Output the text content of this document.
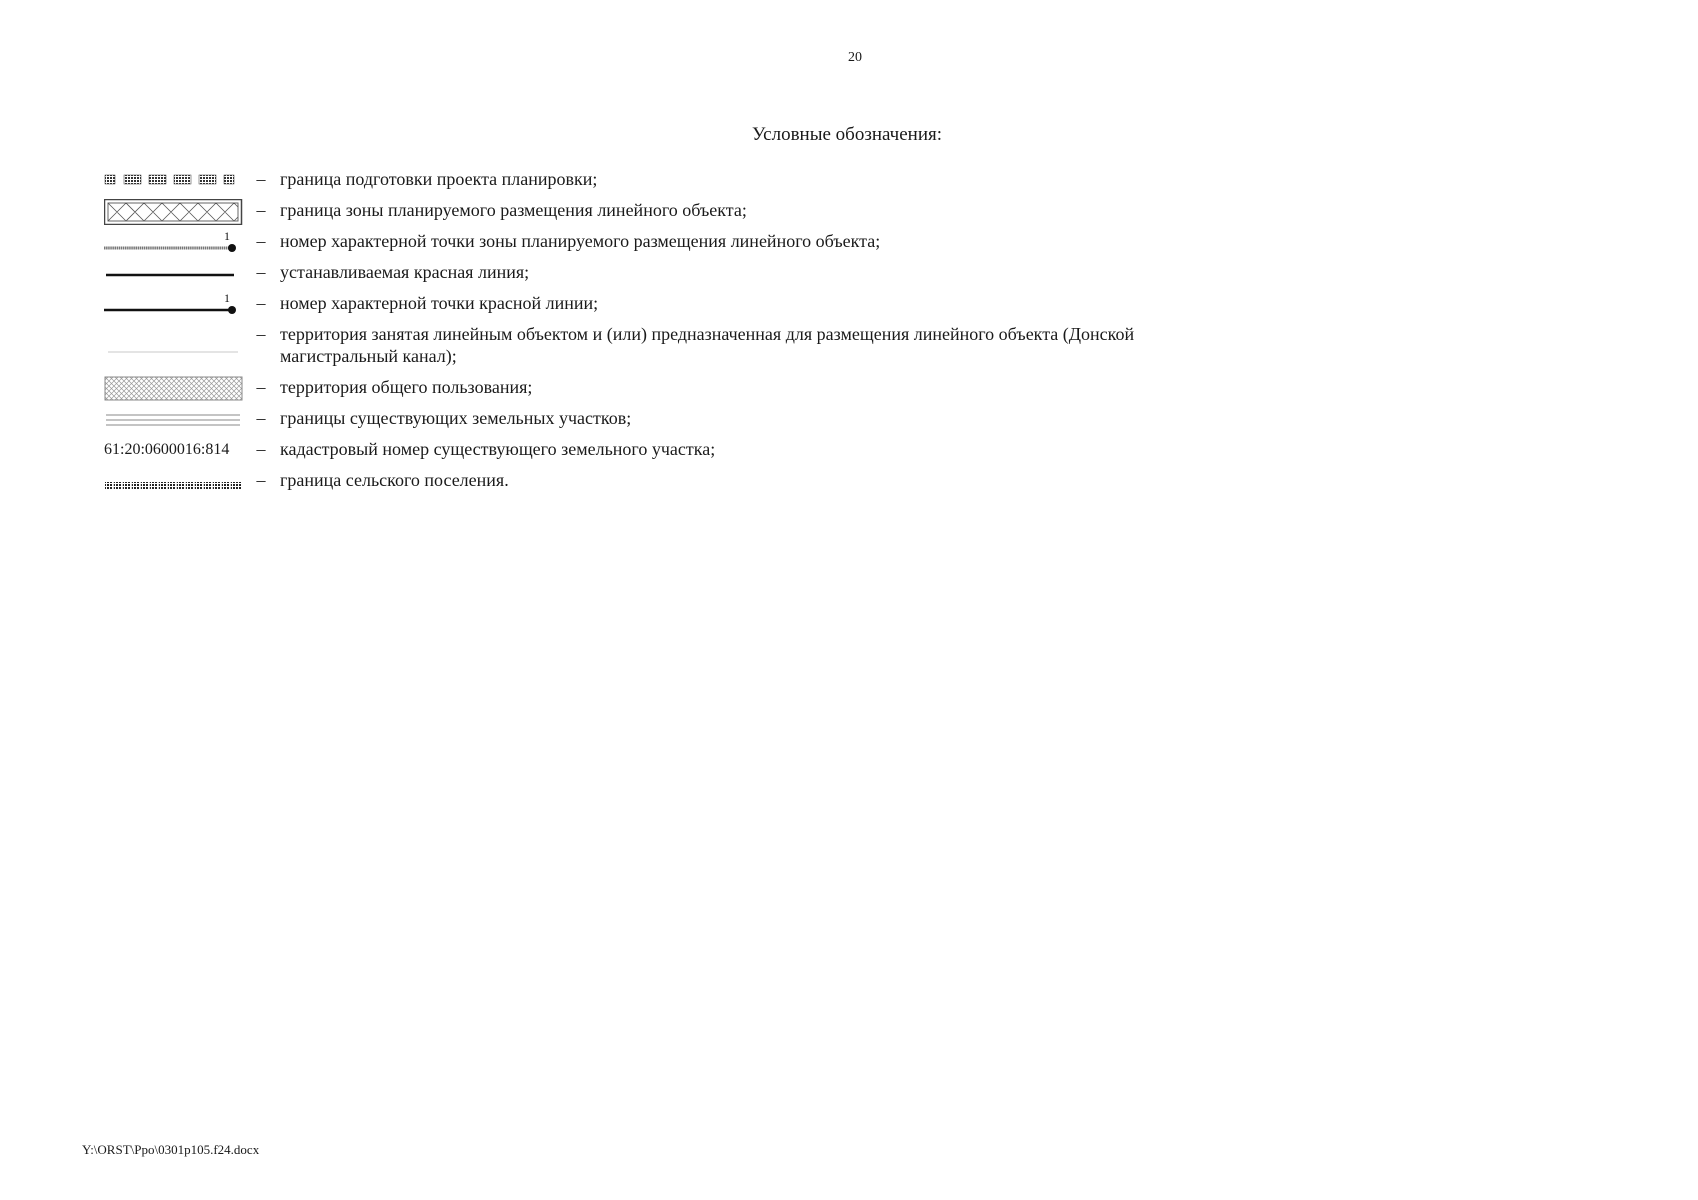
20
Условные обозначения:
– граница подготовки проекта планировки;
– граница зоны планируемого размещения линейного объекта;
1	– номер характерной точки зоны планируемого размещения линейного объекта;
– устанавливаемая красная линия;
1	– номер характерной точки красной линии;
– территория занятая линейным объектом и (или) предназначенная для размещения линейного объекта (Донской магистральный канал);
– территория общего пользования;
– границы существующих земельных участков;
61:20:0600016:814	– кадастровый номер существующего земельного участка;
– граница сельского поселения.
Y:\ORST\Ppo\0301p105.f24.docx
